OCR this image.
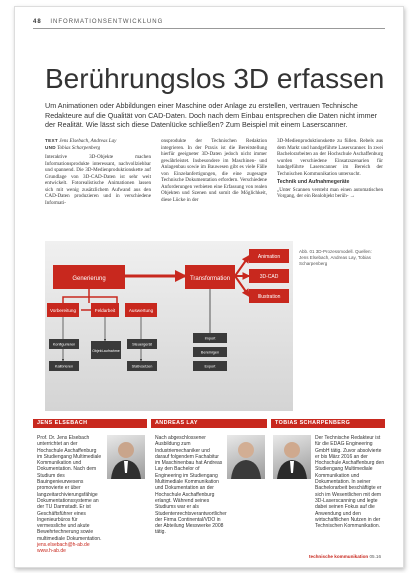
48 INFORMATIONSENTWICKLUNG
Berührungslos 3D erfassen
Um Animationen oder Abbildungen einer Maschine oder Anlage zu erstellen, vertrauen Technische Redakteure auf die Qualität von CAD-Daten. Doch nach dem Einbau entsprechen die Daten nicht immer der Realität. Wie lässt sich diese Datenlücke schließen? Zum Beispiel mit einem Laserscanner.
TEXT Jens Elsebach, Andreas Lay
UND Tobias Scharpenberg
Interaktive 3D-Objekte machen Informationsprodukte interessant, nachvollziehbar und spannend. Die 3D-Medienproduktionskette auf Grundlage von 3D-CAD-Daten ist sehr weit entwickelt. Fotorealistische Animationen lassen sich mit wenig zusätzlichem Aufwand aus den CAD-Daten produzieren und in verschiedene Informati-
onsprodukte der Technischen Redaktion integrieren. In der Praxis ist die Bereitstellung hierfür geeigneter 3D-Daten jedoch nicht immer gewährleistet. Insbesondere im Maschinen- und Anlagenbau sowie im Bauwesen gibt es viele Fälle von Einzelanfertigungen, die eine zugesagte Technische Dokumentation erfordern. Verschiedene Anforderungen verbieten eine Erfassung von realen Objekten und Szenen und somit die Möglichkeit, diese Lücke in der
3D-Medienproduktionskette zu füllen. Rebels aus dem Markt und handgeführte Laserscanner. In zwei Bachelorarbeiten an der Hochschule Aschaffenburg wurden verschiedene Einsatzszenarien für handgeführte Laserscanner im Bereich der Technischen Kommunikation untersucht.
Technik und Aufnahmegeräte
„Unter Scannen versteht man einen automatischen Vorgang, der ein Realobjekt berüh- →
Generierung	Transformation
Animation
3D-CAD
Illustration
Vorbereitung	Feldarbeit	Auswertung
Konfigurieren
Kalibrieren
Objekt-aufnahme
Steuergerät
Stativsetzen
Import
Bereinigen
Export
Abb. 01 3D-Prozessmodell. Quellen: Jens Elsebach, Andreas Lay, Tobias Scharpenberg
JENS ELSEBACH	ANDREAS LAY	TOBIAS SCHARPENBERG
Prof. Dr. Jens Elsebach unterrichtet an der Hochschule Aschaffenburg im Studiengang Multimediale Kommunikation und Dokumentation. Nach dem Studium des Bauingenieurwesens promovierte er über langzeitarchivierungsfähige Dokumentationssysteme an der TU Darmstadt. Er ist Geschäftsführer eines Ingenieurbüros für vermessliche und akute Bewehrtechnerung sowie multimediale Dokumentation.
jens.elsebach@h-ab.de
www.h-ab.de
Nach abgeschlossener Ausbildung zum Industriemechaniker und darauf folgendem Fachabitur im Maschinenbau hat Andreas Lay den Bachelor of Engineering im Studiengang Multimediale Kommunikation und Dokumentation an der Hochschule Aschaffenburg erlangt. Während seines Studiums war er als Studentenrechtsverantwortlicher der Firma Continental/VDO in der Abteilung Messwerke 2008 tätig.
Der Technische Redakteur ist für die EDAG Engineering GmbH tätig. Zuvor absolvierte er bis März 2016 an der Hochschule Aschaffenburg den Studiengang Multimediale Kommunikation und Dokumentation. In seiner Bachelorarbeit beschäftigte er sich im Wesentlichen mit dem 3D-Laserscanning und legte dabei seinen Fokus auf die Anwendung und den wirtschaftlichen Nutzen in der Technischen Kommunikation.
technische kommunikation 05.16
